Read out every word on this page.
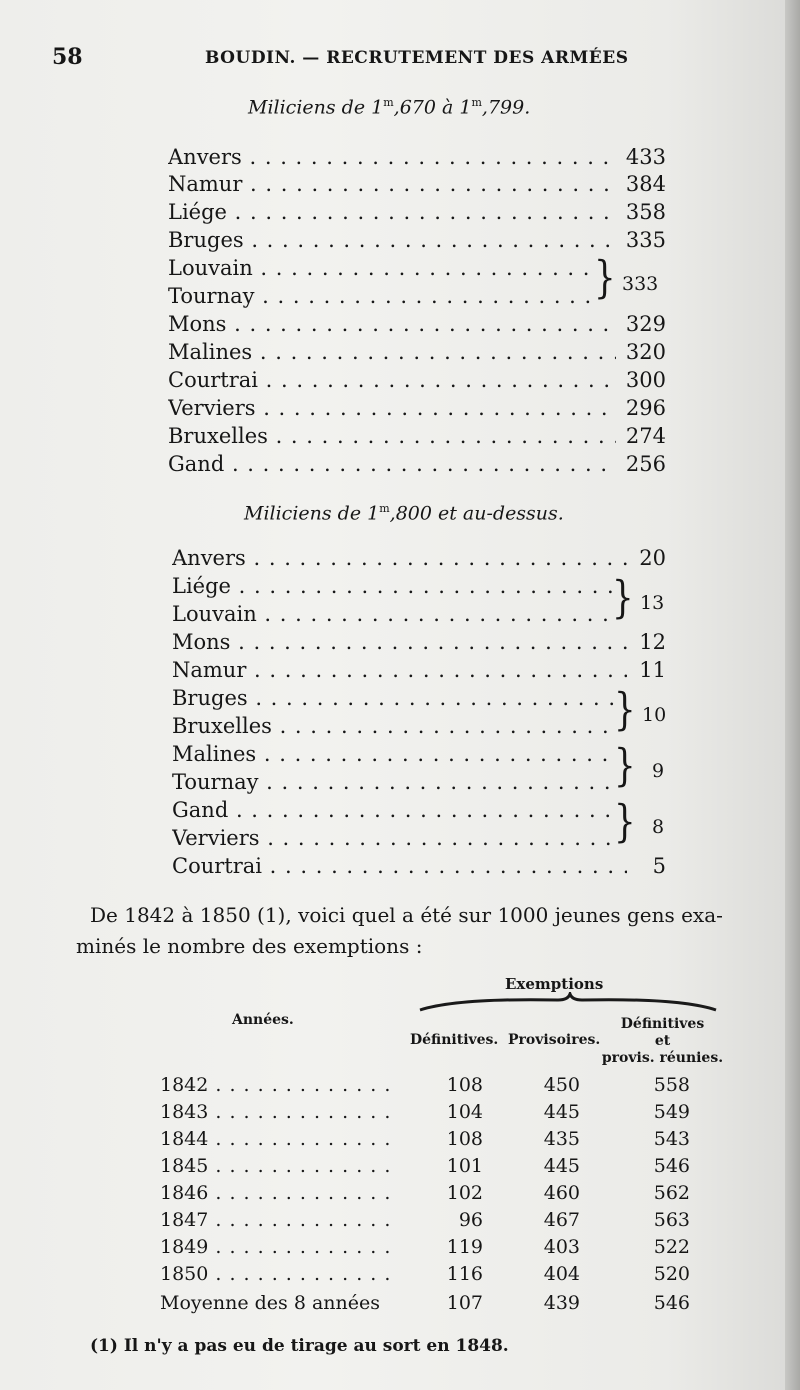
58	BOUDIN. — RECRUTEMENT DES ARMÉES
Miliciens de 1$^m$,670 à 1$^m$,799.
Anvers . . .	433
Namur . . .	384
Liége . . .	358
Bruges . . .	335
Louvain . . .
Tournay . . .	} 333
Mons . . .	329
Malines . . .	320
Courtrai . . .	300
Verviers . . .	296
Bruxelles . . .	274
Gand . . .	256
Miliciens de 1$^m$,800 et au-dessus.
Anvers . . .	20
Liége . . .
Louvain . . .	} 13
Mons . . .	12
Namur . . .	11
Bruges . . .
Bruxelles . . .	} 10
Malines . . .
Tournay . . .	} 9
Gand . . .
Verviers . . .	} 8
Courtrai . . .	5
De 1842 à 1850 (1), voici quel a été sur 1000 jeunes gens exa-
minés le nombre des exemptions :
Exemptions
Années.
Définitives. Provisoires.
Définitives
et
provis. réunies.
1842 . . .	108	450	558
1843 . . .	104	445	549
1844 . . .	108	435	543
1845 . . .	101	445	546
1846 . . .	102	460	562
1847 . . .	96	467	563
1849 . . .	119	403	522
1850 . . .	116	404	520
Moyenne des 8 années	107	439	546
(1) Il n'y a pas eu de tirage au sort en 1848.
